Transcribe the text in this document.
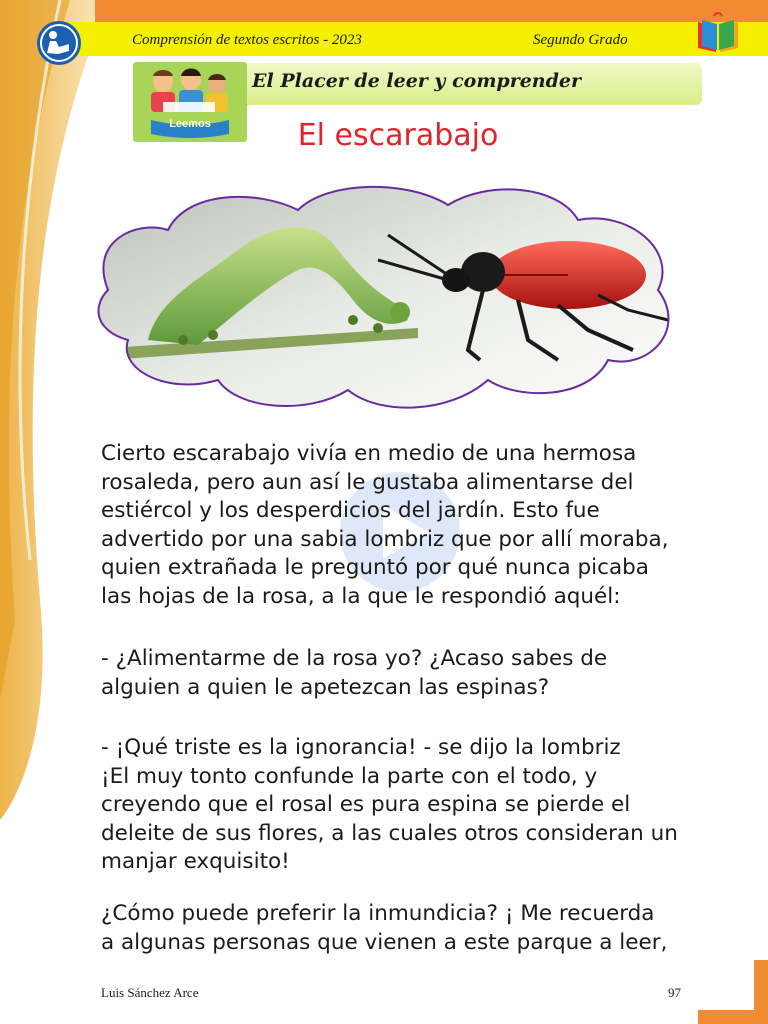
Comprensión de textos escritos - 2023	Segundo Grado
El Placer de leer y comprender
Leemos	El escarabajo
Cierto escarabajo vivía en medio de una hermosa
rosaleda, pero aun así le gustaba alimentarse del
estiércol y los desperdicios del jardín. Esto fue
advertido por una sabia lombriz que por allí moraba,
quien extrañada le preguntó por qué nunca picaba
las hojas de la rosa, a la que le respondió aquél:
- ¿Alimentarme de la rosa yo? ¿Acaso sabes de
alguien a quien le apetezcan las espinas?
- ¡Qué triste es la ignorancia! - se dijo la lombriz
¡El muy tonto confunde la parte con el todo, y
creyendo que el rosal es pura espina se pierde el
deleite de sus flores, a las cuales otros consideran un
manjar exquisito!
¿Cómo puede preferir la inmundicia? ¡ Me recuerda
a algunas personas que vienen a este parque a leer,
Luis Sánchez Arce	97
